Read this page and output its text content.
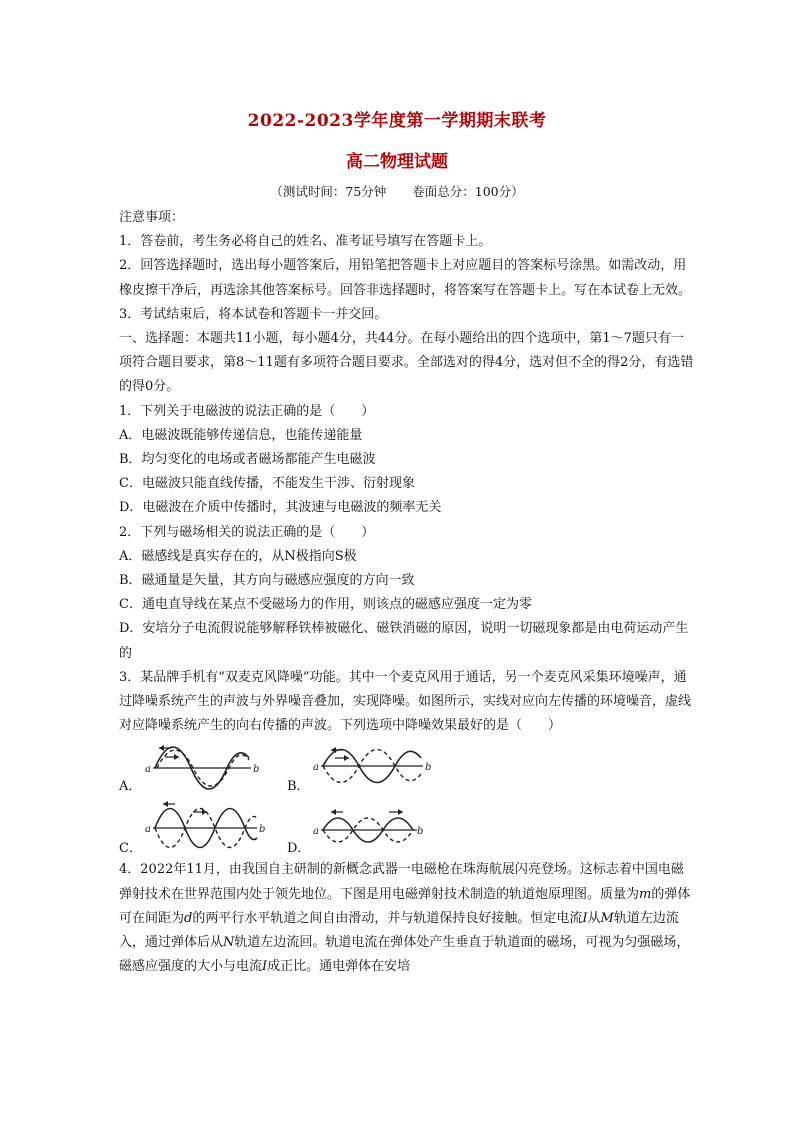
2022-2023学年度第一学期期末联考
高二物理试题
（测试时间：75分钟 卷面总分：100分）

注意事项：

1．答卷前，考生务必将自己的姓名、准考证号填写在答题卡上。

2．回答选择题时，选出每小题答案后，用铅笔把答题卡上对应题目的答案标号涂黑。如需改动，用橡皮擦干净后，再选涂其他答案标号。回答非选择题时，将答案写在答题卡上。写在本试卷上无效。

3．考试结束后，将本试卷和答题卡一并交回。

一、选择题：本题共11小题，每小题4分，共44分。在每小题给出的四个选项中，第1～7题只有一项符合题目要求，第8～11题有多项符合题目要求。全部选对的得4分，选对但不全的得2分，有选错的得0分。

1．下列关于电磁波的说法正确的是（　　）

A．电磁波既能够传递信息，也能传递能量

B．均匀变化的电场或者磁场都能产生电磁波

C．电磁波只能直线传播，不能发生干涉、衍射现象

D．电磁波在介质中传播时，其波速与电磁波的频率无关

2．下列与磁场相关的说法正确的是（　　）

A．磁感线是真实存在的，从N极指向S极

B．磁通量是矢量，其方向与磁感应强度的方向一致

C．通电直导线在某点不受磁场力的作用，则该点的磁感应强度一定为零

D．安培分子电流假说能够解释铁棒被磁化、磁铁消磁的原因，说明一切磁现象都是由电荷运动产生的

3．某品牌手机有“双麦克风降噪”功能。其中一个麦克风用于通话，另一个麦克风采集环境噪声，通过降噪系统产生的声波与外界噪音叠加，实现降噪。如图所示，实线对应向左传播的环境噪音，虚线对应降噪系统产生的向右传播的声波。下列选项中降噪效果最好的是（　　）

A．
a	b
B．
a	b
C．
a	b
D．
a	b

4．2022年11月，由我国自主研制的新概念武器一电磁枪在珠海航展闪亮登场。这标志着中国电磁弹射技术在世界范围内处于领先地位。下图是用电磁弹射技术制造的轨道炮原理图。质量为m的弹体可在间距为d的两平行水平轨道之间自由滑动，并与轨道保持良好接触。恒定电流I从M轨道左边流入，通过弹体后从N轨道左边流回。轨道电流在弹体处产生垂直于轨道面的磁场，可视为匀强磁场，磁感应强度的大小与电流I成正比。通电弹体在安培
